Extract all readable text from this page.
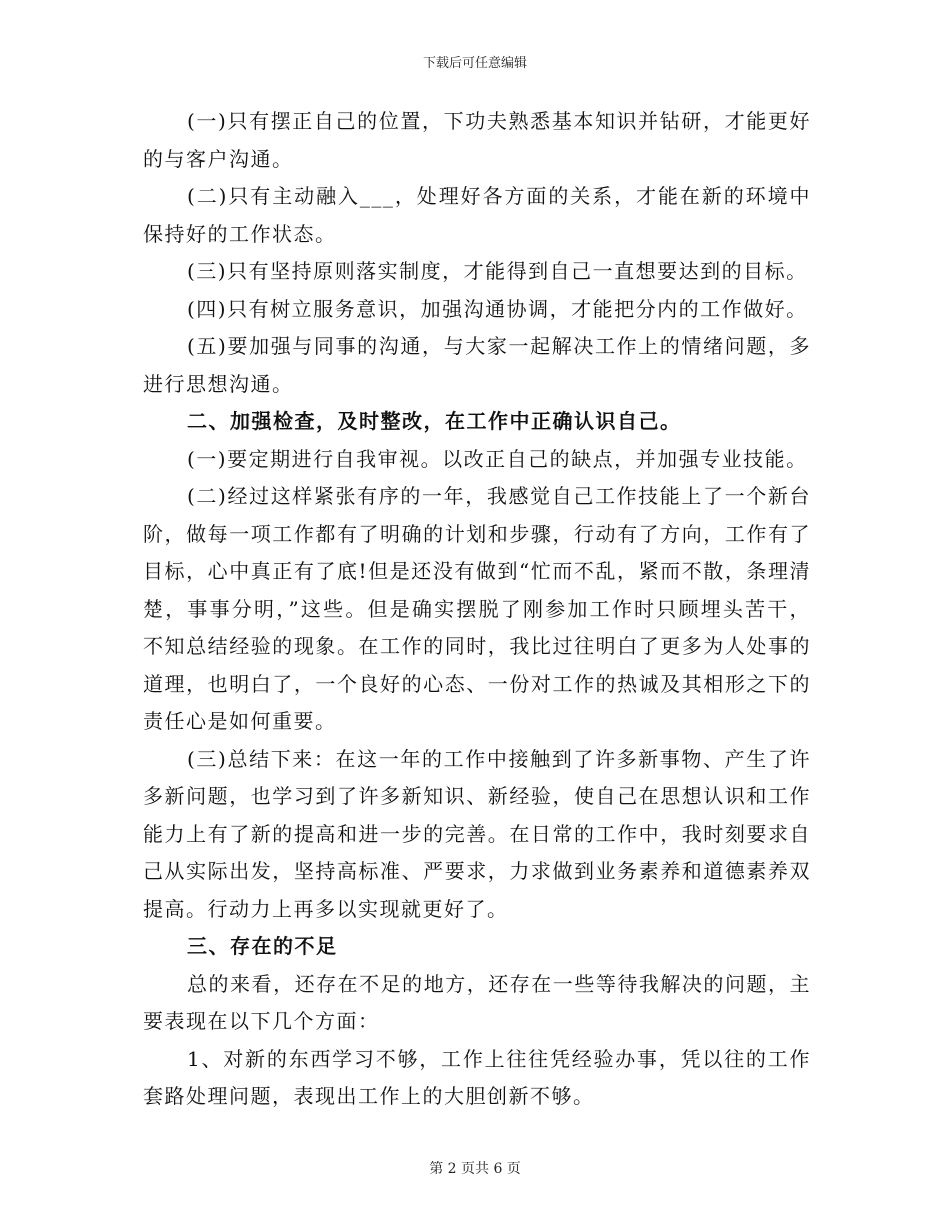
下载后可任意编辑

(一)只有摆正自己的位置，下功夫熟悉基本知识并钻研，才能更好的与客户沟通。

(二)只有主动融入___，处理好各方面的关系，才能在新的环境中保持好的工作状态。

(三)只有坚持原则落实制度，才能得到自己一直想要达到的目标。

(四)只有树立服务意识，加强沟通协调，才能把分内的工作做好。

(五)要加强与同事的沟通，与大家一起解决工作上的情绪问题，多进行思想沟通。

二、加强检查，及时整改，在工作中正确认识自己。

(一)要定期进行自我审视。以改正自己的缺点，并加强专业技能。

(二)经过这样紧张有序的一年，我感觉自己工作技能上了一个新台阶，做每一项工作都有了明确的计划和步骤，行动有了方向，工作有了目标，心中真正有了底!但是还没有做到“忙而不乱，紧而不散，条理清楚，事事分明，”这些。但是确实摆脱了刚参加工作时只顾埋头苦干，不知总结经验的现象。在工作的同时，我比过往明白了更多为人处事的道理，也明白了，一个良好的心态、一份对工作的热诚及其相形之下的责任心是如何重要。

(三)总结下来：在这一年的工作中接触到了许多新事物、产生了许多新问题，也学习到了许多新知识、新经验，使自己在思想认识和工作能力上有了新的提高和进一步的完善。在日常的工作中，我时刻要求自己从实际出发，坚持高标准、严要求，力求做到业务素养和道德素养双提高。行动力上再多以实现就更好了。

三、存在的不足

总的来看，还存在不足的地方，还存在一些等待我解决的问题，主要表现在以下几个方面：

1、对新的东西学习不够，工作上往往凭经验办事，凭以往的工作套路处理问题，表现出工作上的大胆创新不够。

第 2 页共 6 页
